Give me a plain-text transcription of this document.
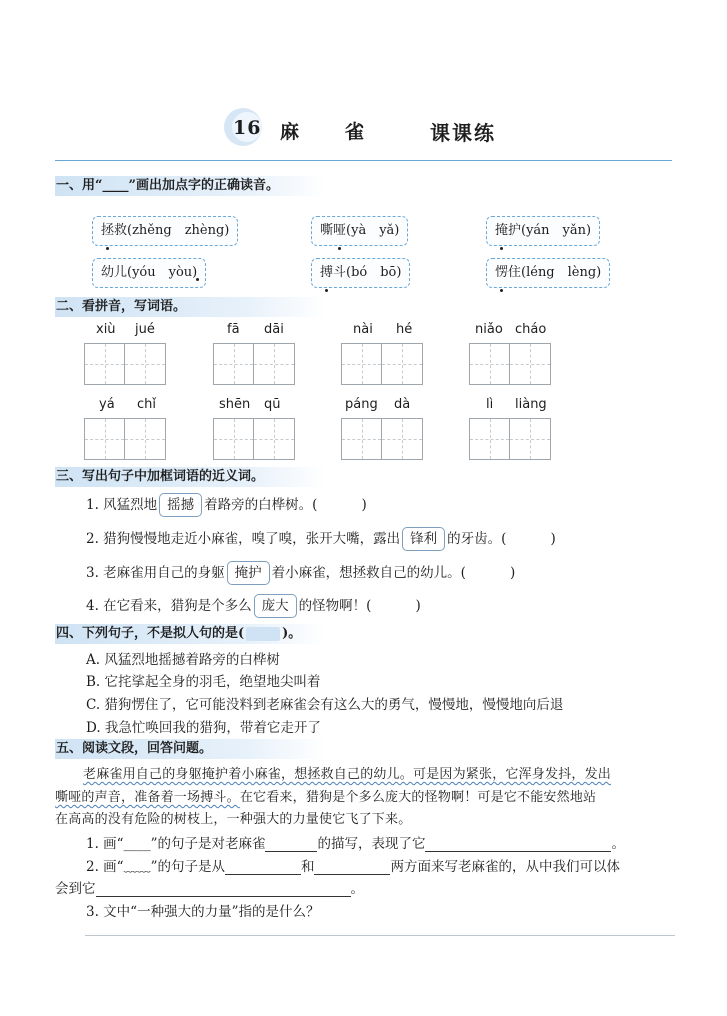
16 麻雀 课课练
一、用“____”画出加点字的正确读音。
拯救(zhěng　zhèng)	嘶哑(yà　yǎ)	掩护(yán　yǎn)
幼儿(yóu　yòu)	搏斗(bó　bō)	愣住(léng　lèng)
二、看拼音，写词语。
xiù jué	fā dāi	nài hé	niǎo cháo
yá chǐ	shēn qū	páng dà	lì liàng
三、写出句子中加框词语的近义词。
1. 风猛烈地 摇撼 着路旁的白桦树。(	)
2. 猎狗慢慢地走近小麻雀，嗅了嗅，张开大嘴，露出 锋利 的牙齿。(	)
3. 老麻雀用自己的身躯 掩护 着小麻雀，想拯救自己的幼儿。(	)
4. 在它看来，猎狗是个多么 庞大 的怪物啊！(	)
四、下列句子，不是拟人句的是(	)。
A. 风猛烈地摇撼着路旁的白桦树
B. 它挓挲起全身的羽毛，绝望地尖叫着
C. 猎狗愣住了，它可能没料到老麻雀会有这么大的勇气，慢慢地，慢慢地向后退
D. 我急忙唤回我的猎狗，带着它走开了
五、阅读文段，回答问题。
老麻雀用自己的身躯掩护着小麻雀，想拯救自己的幼儿。可是因为紧张，它浑身发抖，发出
嘶哑的声音，准备着一场搏斗。在它看来，猎狗是个多么庞大的怪物啊！可是它不能安然地站
在高高的没有危险的树枝上，一种强大的力量使它飞了下来。
1. 画“____”的句子是对老麻雀	的描写，表现了它	。
2. 画“﹏﹏”的句子是从	和	两方面来写老麻雀的，从中我们可以体
会到它	。
3. 文中“一种强大的力量”指的是什么？
